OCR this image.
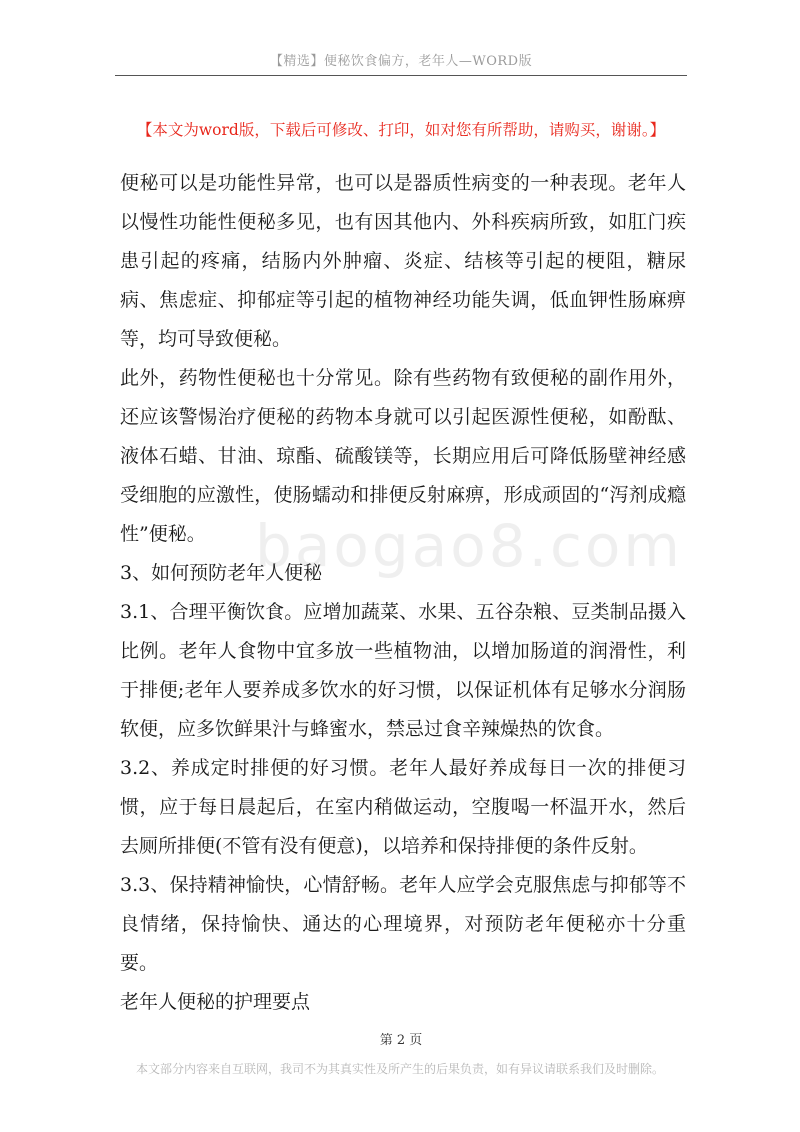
【精选】便秘饮食偏方，老年人—WORD版
【本文为word版，下载后可修改、打印，如对您有所帮助，请购买，谢谢。】
baogao8.com

便秘可以是功能性异常，也可以是器质性病变的一种表现。老年人以慢性功能性便秘多见，也有因其他内、外科疾病所致，如肛门疾患引起的疼痛，结肠内外肿瘤、炎症、结核等引起的梗阻，糖尿病、焦虑症、抑郁症等引起的植物神经功能失调，低血钾性肠麻痹等，均可导致便秘。

此外，药物性便秘也十分常见。除有些药物有致便秘的副作用外，还应该警惕治疗便秘的药物本身就可以引起医源性便秘，如酚酞、液体石蜡、甘油、琼酯、硫酸镁等，长期应用后可降低肠壁神经感受细胞的应激性，使肠蠕动和排便反射麻痹，形成顽固的“泻剂成瘾性”便秘。

3、如何预防老年人便秘

3.1、合理平衡饮食。应增加蔬菜、水果、五谷杂粮、豆类制品摄入比例。老年人食物中宜多放一些植物油，以增加肠道的润滑性，利于排便;老年人要养成多饮水的好习惯，以保证机体有足够水分润肠软便，应多饮鲜果汁与蜂蜜水，禁忌过食辛辣燥热的饮食。

3.2、养成定时排便的好习惯。老年人最好养成每日一次的排便习惯，应于每日晨起后，在室内稍做运动，空腹喝一杯温开水，然后去厕所排便(不管有没有便意)，以培养和保持排便的条件反射。

3.3、保持精神愉快，心情舒畅。老年人应学会克服焦虑与抑郁等不良情绪，保持愉快、通达的心理境界，对预防老年便秘亦十分重要。

老年人便秘的护理要点

第 2 页
本文部分内容来自互联网，我司不为其真实性及所产生的后果负责，如有异议请联系我们及时删除。
